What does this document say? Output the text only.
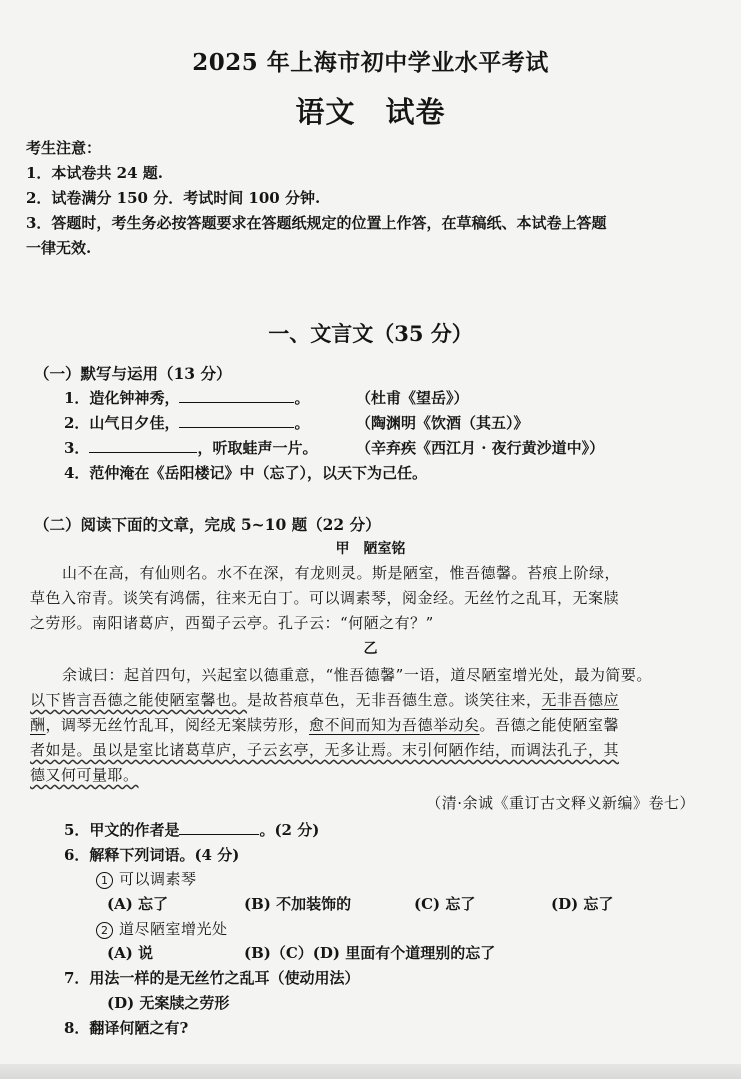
2025 年上海市初中学业水平考试
语文　试卷
考生注意：
1．本试卷共 24 题.
2．试卷满分 150 分．考试时间 100 分钟.
3．答题时，考生务必按答题要求在答题纸规定的位置上作答，在草稿纸、本试卷上答题
一律无效.
一、文言文（35 分）
（一）默写与运用（13 分）
1．造化钟神秀，	。	（杜甫《望岳》）
2．山气日夕佳，	。	（陶渊明《饮酒（其五）》
3．	，听取蛙声一片。	（辛弃疾《西江月 · 夜行黄沙道中》）
4．范仲淹在《岳阳楼记》中（忘了），以天下为己任。
（二）阅读下面的文章，完成 5~10 题（22 分）
甲　陋室铭
山不在高，有仙则名。水不在深，有龙则灵。斯是陋室，惟吾德馨。苔痕上阶绿，
草色入帘青。谈笑有鸿儒，往来无白丁。可以调素琴，阅金经。无丝竹之乱耳，无案牍
之劳形。南阳诸葛庐，西蜀子云亭。孔子云：“何陋之有？”
乙
余诚曰：起首四句，兴起室以德重意，“惟吾德馨”一语，道尽陋室增光处，最为简要。
以下皆言吾德之能使陋室馨也。是故苔痕草色，无非吾德生意。谈笑往来，无非吾德应
酬，调琴无丝竹乱耳，阅经无案牍劳形，愈不间而知为吾德举动矣。吾德之能使陋室馨
者如是。虽以是室比诸葛草庐，子云玄亭，无多让焉。末引何陋作结，而调法孔子，其
德又何可量耶。
（清·余诚《重订古文释义新编》卷七）
5．甲文的作者是	。(2 分)
6．解释下列词语。(4 分)
1 可以调素琴
(A) 忘了	(B) 不加装饰的	(C) 忘了	(D) 忘了
2 道尽陋室增光处
(A) 说	(B)（C）(D) 里面有个道理别的忘了
7．用法一样的是无丝竹之乱耳（使动用法）
(D) 无案牍之劳形
8．翻译何陋之有?
